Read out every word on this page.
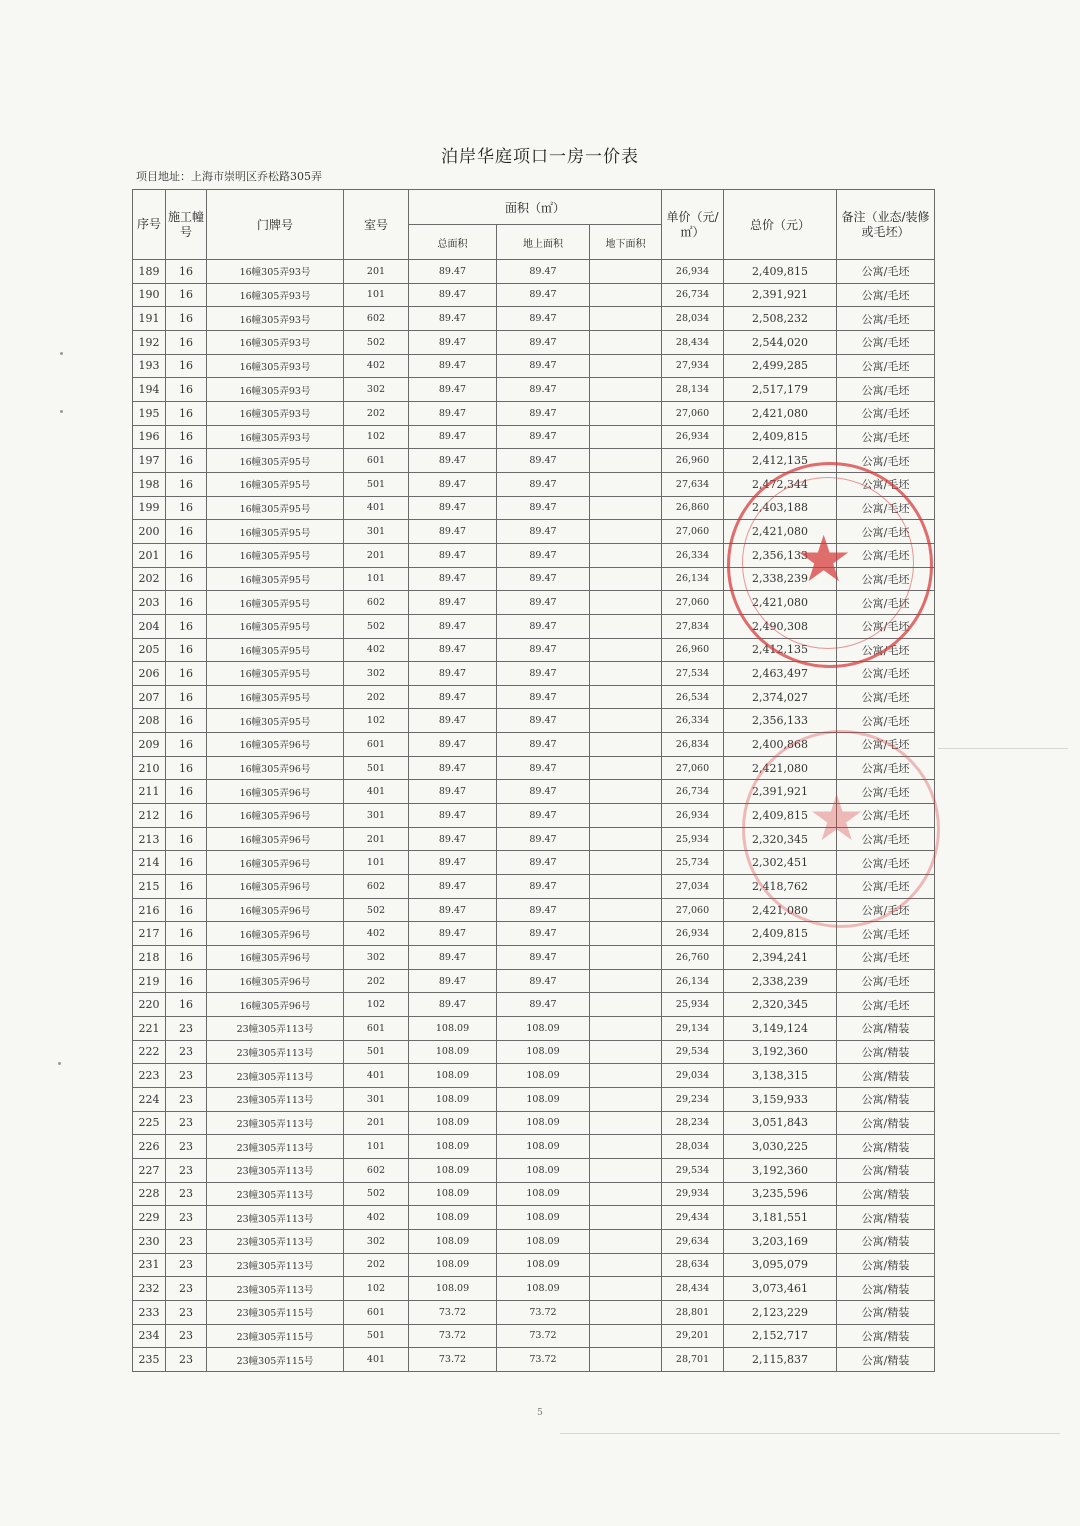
泊岸华庭项口一房一价表
项目地址：上海市崇明区乔松路305弄
序号	施工幢号	门牌号	室号	面积（㎡）			单价（元/㎡）	总价（元）	备注（业态/装修或毛坯）
				总面积	地上面积	地下面积			
189	16	16幢305弄93号	201	89.47	89.47		26,934	2,409,815	公寓/毛坯
190	16	16幢305弄93号	101	89.47	89.47		26,734	2,391,921	公寓/毛坯
191	16	16幢305弄93号	602	89.47	89.47		28,034	2,508,232	公寓/毛坯
192	16	16幢305弄93号	502	89.47	89.47		28,434	2,544,020	公寓/毛坯
193	16	16幢305弄93号	402	89.47	89.47		27,934	2,499,285	公寓/毛坯
194	16	16幢305弄93号	302	89.47	89.47		28,134	2,517,179	公寓/毛坯
195	16	16幢305弄93号	202	89.47	89.47		27,060	2,421,080	公寓/毛坯
196	16	16幢305弄93号	102	89.47	89.47		26,934	2,409,815	公寓/毛坯
197	16	16幢305弄95号	601	89.47	89.47		26,960	2,412,135	公寓/毛坯
198	16	16幢305弄95号	501	89.47	89.47		27,634	2,472,344	公寓/毛坯
199	16	16幢305弄95号	401	89.47	89.47		26,860	2,403,188	公寓/毛坯
200	16	16幢305弄95号	301	89.47	89.47		27,060	2,421,080	公寓/毛坯
201	16	16幢305弄95号	201	89.47	89.47		26,334	2,356,133	公寓/毛坯
202	16	16幢305弄95号	101	89.47	89.47		26,134	2,338,239	公寓/毛坯
203	16	16幢305弄95号	602	89.47	89.47		27,060	2,421,080	公寓/毛坯
204	16	16幢305弄95号	502	89.47	89.47		27,834	2,490,308	公寓/毛坯
205	16	16幢305弄95号	402	89.47	89.47		26,960	2,412,135	公寓/毛坯
206	16	16幢305弄95号	302	89.47	89.47		27,534	2,463,497	公寓/毛坯
207	16	16幢305弄95号	202	89.47	89.47		26,534	2,374,027	公寓/毛坯
208	16	16幢305弄95号	102	89.47	89.47		26,334	2,356,133	公寓/毛坯
209	16	16幢305弄96号	601	89.47	89.47		26,834	2,400,868	公寓/毛坯
210	16	16幢305弄96号	501	89.47	89.47		27,060	2,421,080	公寓/毛坯
211	16	16幢305弄96号	401	89.47	89.47		26,734	2,391,921	公寓/毛坯
212	16	16幢305弄96号	301	89.47	89.47		26,934	2,409,815	公寓/毛坯
213	16	16幢305弄96号	201	89.47	89.47		25,934	2,320,345	公寓/毛坯
214	16	16幢305弄96号	101	89.47	89.47		25,734	2,302,451	公寓/毛坯
215	16	16幢305弄96号	602	89.47	89.47		27,034	2,418,762	公寓/毛坯
216	16	16幢305弄96号	502	89.47	89.47		27,060	2,421,080	公寓/毛坯
217	16	16幢305弄96号	402	89.47	89.47		26,934	2,409,815	公寓/毛坯
218	16	16幢305弄96号	302	89.47	89.47		26,760	2,394,241	公寓/毛坯
219	16	16幢305弄96号	202	89.47	89.47		26,134	2,338,239	公寓/毛坯
220	16	16幢305弄96号	102	89.47	89.47		25,934	2,320,345	公寓/毛坯
221	23	23幢305弄113号	601	108.09	108.09		29,134	3,149,124	公寓/精装
222	23	23幢305弄113号	501	108.09	108.09		29,534	3,192,360	公寓/精装
223	23	23幢305弄113号	401	108.09	108.09		29,034	3,138,315	公寓/精装
224	23	23幢305弄113号	301	108.09	108.09		29,234	3,159,933	公寓/精装
225	23	23幢305弄113号	201	108.09	108.09		28,234	3,051,843	公寓/精装
226	23	23幢305弄113号	101	108.09	108.09		28,034	3,030,225	公寓/精装
227	23	23幢305弄113号	602	108.09	108.09		29,534	3,192,360	公寓/精装
228	23	23幢305弄113号	502	108.09	108.09		29,934	3,235,596	公寓/精装
229	23	23幢305弄113号	402	108.09	108.09		29,434	3,181,551	公寓/精装
230	23	23幢305弄113号	302	108.09	108.09		29,634	3,203,169	公寓/精装
231	23	23幢305弄113号	202	108.09	108.09		28,634	3,095,079	公寓/精装
232	23	23幢305弄113号	102	108.09	108.09		28,434	3,073,461	公寓/精装
233	23	23幢305弄115号	601	73.72	73.72		28,801	2,123,229	公寓/精装
234	23	23幢305弄115号	501	73.72	73.72		29,201	2,152,717	公寓/精装
235	23	23幢305弄115号	401	73.72	73.72		28,701	2,115,837	公寓/精装
★
★
5
